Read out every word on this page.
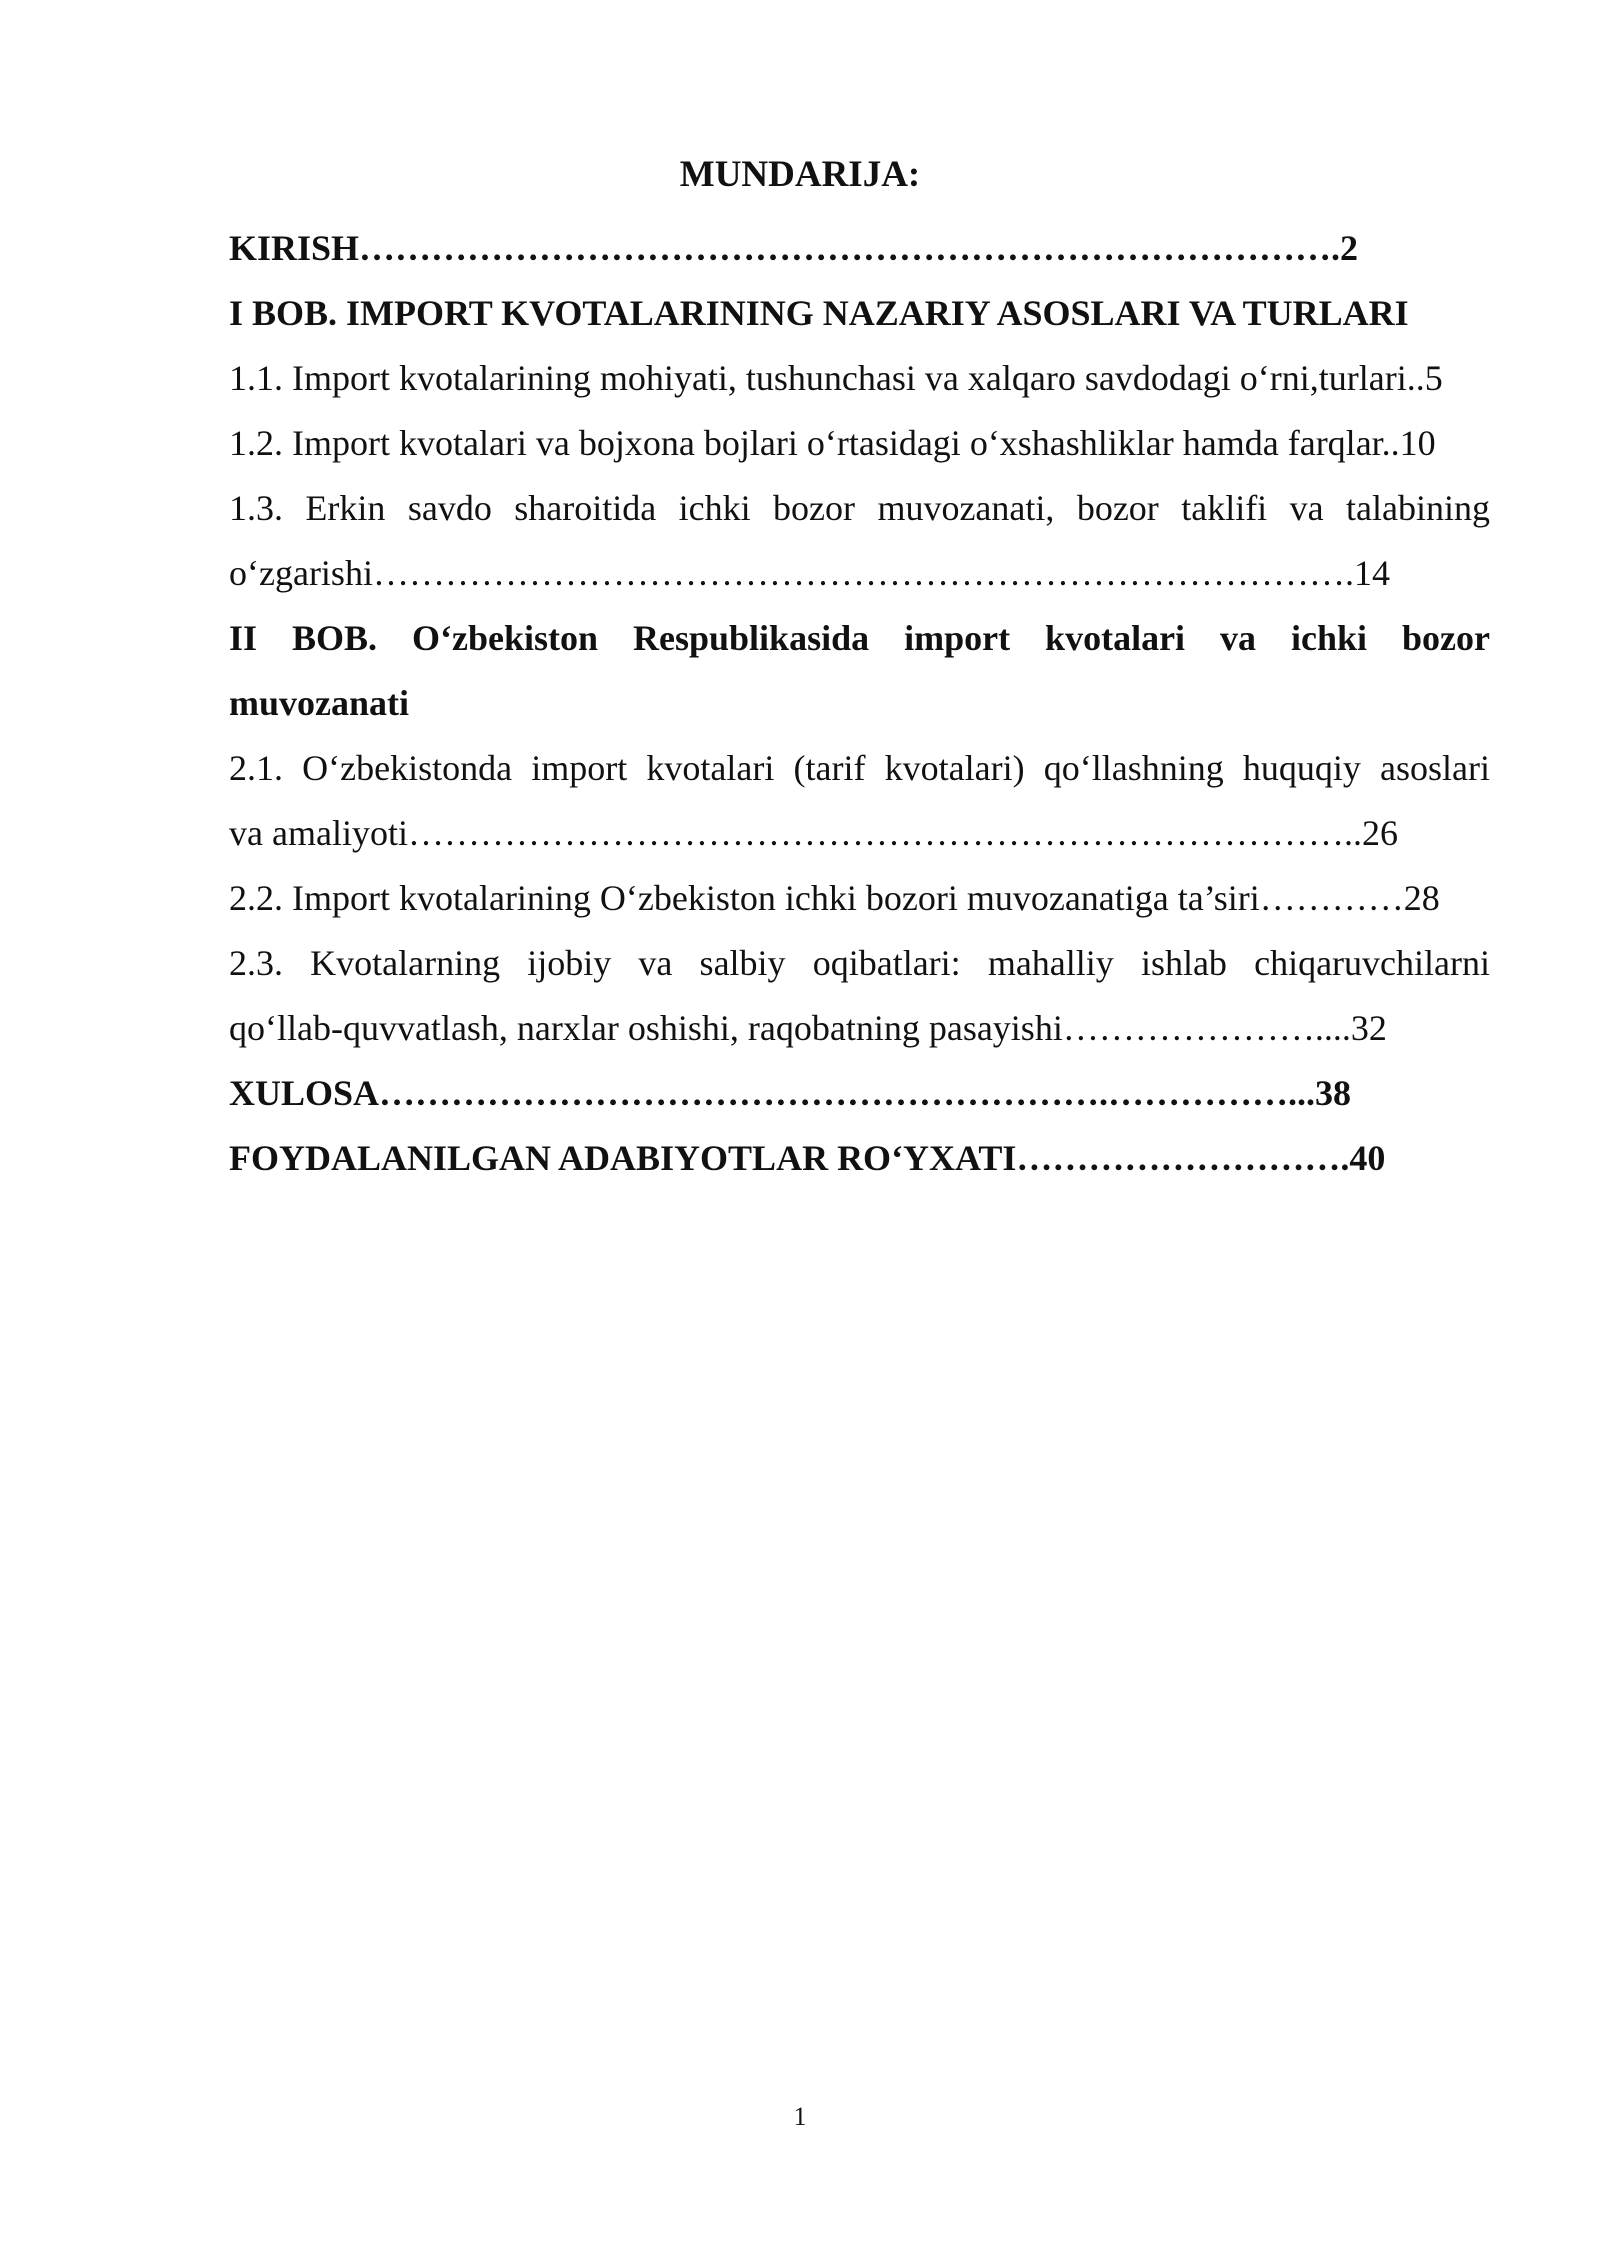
MUNDARIJA:
KIRISH……………………………………………………………………….2
I BOB. IMPORT KVOTALARINING NAZARIY ASOSLARI VA TURLARI
1.1. Import kvotalarining mohiyati, tushunchasi va xalqaro savdodagi o‘rni,turlari..5
1.2. Import kvotalari va bojxona bojlari o‘rtasidagi o‘xshashliklar hamda farqlar..10
1.3. Erkin savdo sharoitida ichki bozor muvozanati, bozor taklifi va talabining
o‘zgarishi……………………………………………………………………….14
II BOB. O‘zbekiston Respublikasida import kvotalari va ichki bozor
muvozanati
2.1. O‘zbekistonda import kvotalari (tarif kvotalari) qo‘llashning huquqiy asoslari
va amaliyoti……………………………………………………………………..26
2.2. Import kvotalarining O‘zbekiston ichki bozori muvozanatiga ta’siri…………28
2.3. Kvotalarning ijobiy va salbiy oqibatlari: mahalliy ishlab chiqaruvchilarni
qo‘llab-quvvatlash, narxlar oshishi, raqobatning pasayishi…………………....32
XULOSA…………………………………………………….……………...38
FOYDALANILGAN ADABIYOTLAR RO‘YXATI……………………….40
1
